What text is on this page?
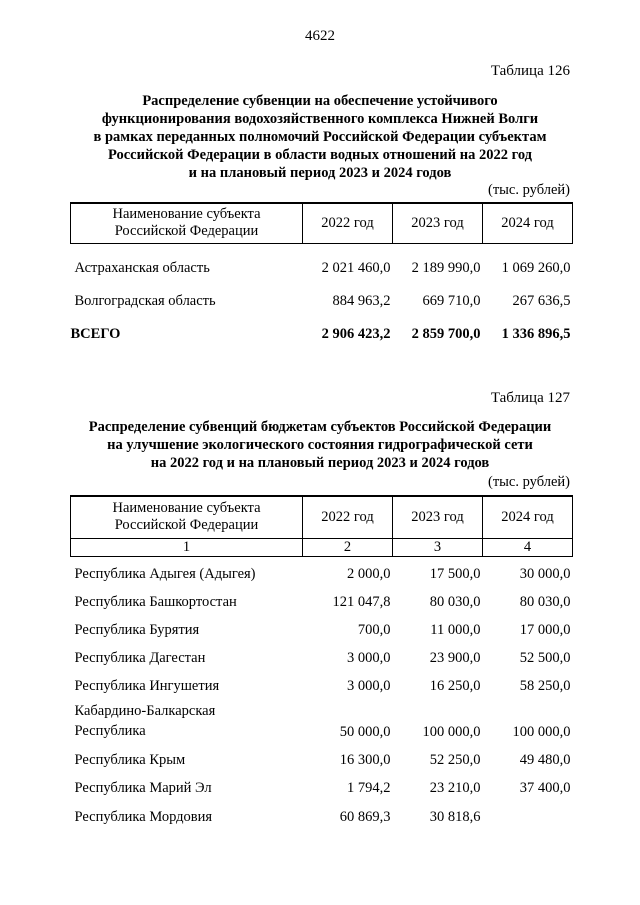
4622
Таблица 126
Распределение субвенции на обеспечение устойчивого
функционирования водохозяйственного комплекса Нижней Волги
в рамках переданных полномочий Российской Федерации субъектам
Российской Федерации в области водных отношений на 2022 год
и на плановый период 2023 и 2024 годов
(тыс. рублей)
Наименование субъекта
Российской Федерации	2022 год	2023 год	2024 год
Астраханская область	2 021 460,0	2 189 990,0	1 069 260,0
Волгоградская область	884 963,2	669 710,0	267 636,5
ВСЕГО	2 906 423,2	2 859 700,0	1 336 896,5
Таблица 127
Распределение субвенций бюджетам субъектов Российской Федерации
на улучшение экологического состояния гидрографической сети
на 2022 год и на плановый период 2023 и 2024 годов
(тыс. рублей)
Наименование субъекта
Российской Федерации	2022 год	2023 год	2024 год
1	2	3	4
Республика Адыгея (Адыгея)	2 000,0	17 500,0	30 000,0
Республика Башкортостан	121 047,8	80 030,0	80 030,0
Республика Бурятия	700,0	11 000,0	17 000,0
Республика Дагестан	3 000,0	23 900,0	52 500,0
Республика Ингушетия	3 000,0	16 250,0	58 250,0

Кабардино-Балкарская
Республика	50 000,0	100 000,0	100 000,0
Республика Крым	16 300,0	52 250,0	49 480,0
Республика Марий Эл	1 794,2	23 210,0	37 400,0
Республика Мордовия	60 869,3	30 818,6	
